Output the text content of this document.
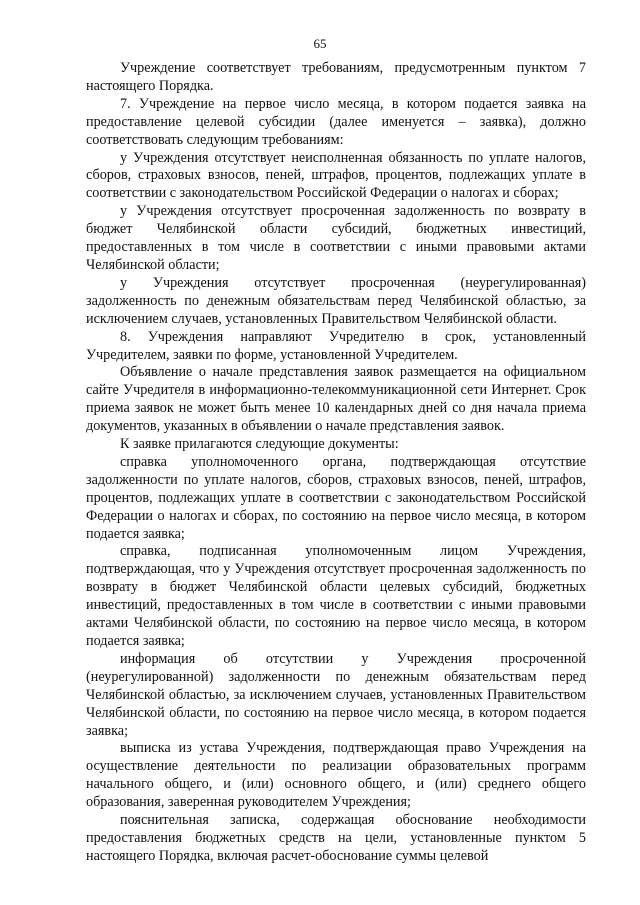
65

Учреждение соответствует требованиям, предусмотренным пунктом 7 настоящего Порядка.

7. Учреждение на первое число месяца, в котором подается заявка на предоставление целевой субсидии (далее именуется – заявка), должно соответствовать следующим требованиям:

у Учреждения отсутствует неисполненная обязанность по уплате налогов, сборов, страховых взносов, пеней, штрафов, процентов, подлежащих уплате в соответствии с законодательством Российской Федерации о налогах и сборах;

у Учреждения отсутствует просроченная задолженность по возврату в бюджет Челябинской области субсидий, бюджетных инвестиций, предоставленных в том числе в соответствии с иными правовыми актами Челябинской области;

у Учреждения отсутствует просроченная (неурегулированная) задолженность по денежным обязательствам перед Челябинской областью, за исключением случаев, установленных Правительством Челябинской области.

8. Учреждения направляют Учредителю в срок, установленный Учредителем, заявки по форме, установленной Учредителем.

Объявление о начале представления заявок размещается на официальном сайте Учредителя в информационно-телекоммуникационной сети Интернет. Срок приема заявок не может быть менее 10 календарных дней со дня начала приема документов, указанных в объявлении о начале представления заявок.

К заявке прилагаются следующие документы:

справка уполномоченного органа, подтверждающая отсутствие задолженности по уплате налогов, сборов, страховых взносов, пеней, штрафов, процентов, подлежащих уплате в соответствии с законодательством Российской Федерации о налогах и сборах, по состоянию на первое число месяца, в котором подается заявка;

справка, подписанная уполномоченным лицом Учреждения, подтверждающая, что у Учреждения отсутствует просроченная задолженность по возврату в бюджет Челябинской области целевых субсидий, бюджетных инвестиций, предоставленных в том числе в соответствии с иными правовыми актами Челябинской области, по состоянию на первое число месяца, в котором подается заявка;

информация об отсутствии у Учреждения просроченной (неурегулированной) задолженности по денежным обязательствам перед Челябинской областью, за исключением случаев, установленных Правительством Челябинской области, по состоянию на первое число месяца, в котором подается заявка;

выписка из устава Учреждения, подтверждающая право Учреждения на осуществление деятельности по реализации образовательных программ начального общего, и (или) основного общего, и (или) среднего общего образования, заверенная руководителем Учреждения;

пояснительная записка, содержащая обоснование необходимости предоставления бюджетных средств на цели, установленные пунктом 5 настоящего Порядка, включая расчет-обоснование суммы целевой
